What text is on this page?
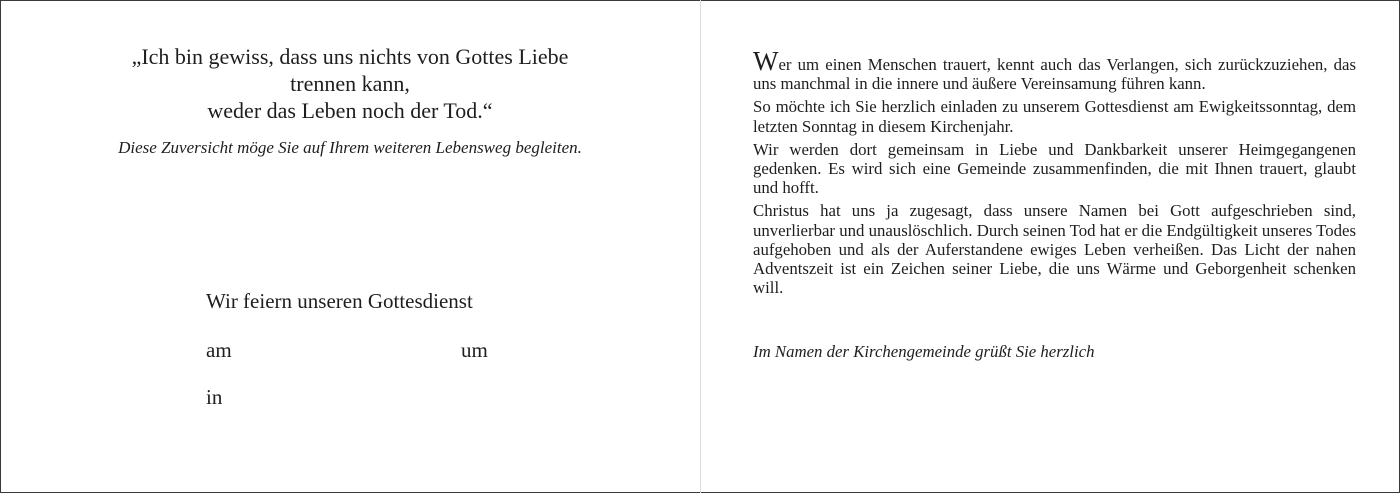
„Ich bin gewiss, dass uns nichts von Gottes Liebe
trennen kann,
weder das Leben noch der Tod.“
Diese Zuversicht möge Sie auf Ihrem weiteren Lebensweg begleiten.
Wir feiern unseren Gottesdienst
am	um
in

Wer um einen Menschen trauert, kennt auch das Verlangen, sich zurückzuziehen, das uns manchmal in die innere und äußere Vereinsamung führen kann.

So möchte ich Sie herzlich einladen zu unserem Gottesdienst am Ewigkeitssonntag, dem letzten Sonntag in diesem Kirchenjahr.

Wir werden dort gemeinsam in Liebe und Dankbarkeit unserer Heimgegangenen gedenken. Es wird sich eine Gemeinde zusammenfinden, die mit Ihnen trauert, glaubt und hofft.

Christus hat uns ja zugesagt, dass unsere Namen bei Gott aufgeschrieben sind, unverlierbar und unauslöschlich. Durch seinen Tod hat er die Endgültigkeit unseres Todes aufgehoben und als der Auferstandene ewiges Leben verheißen. Das Licht der nahen Adventszeit ist ein Zeichen seiner Liebe, die uns Wärme und Geborgenheit schenken will.

Im Namen der Kirchengemeinde grüßt Sie herzlich
